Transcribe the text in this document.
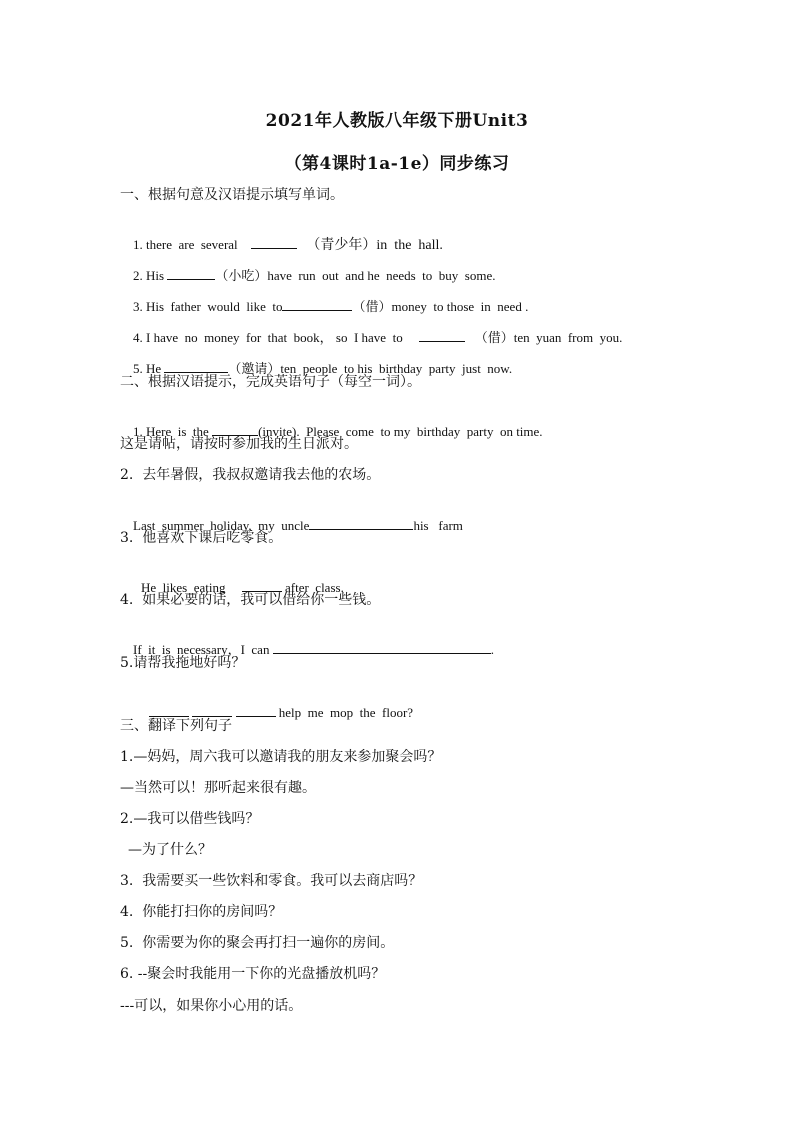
2021年人教版八年级下册Unit3
（第4课时1a-1e）同步练习
一、根据句意及汉语提示填写单词。

1. there  are  several	（青少年）in  the  hall.

2. His	（小吃）have  run  out  and he  needs  to  buy  some.

3. His  father  would  like  to	（借）money  to those  in  need .

4. I have  no  money  for  that  book， so  I have  to	（借）ten  yuan  from  you.

5. He	（邀请）ten  people  to his  birthday  party  just  now.

二、根据汉语提示，完成英语句子（每空一词）。

1. Here  is  the	(invite).  Please  come  to my  birthday  party  on time.

这是请帖，请按时参加我的生日派对。
2.  去年暑假，我叔叔邀请我去他的农场。

Last  summer  holiday,  my  uncle	his   farm

3.  他喜欢下课后吃零食。

He  likes  eating	after  class.

4.  如果必要的话，我可以借给你一些钱。

If  it  is  necessary，I  can	.

5.请帮我拖地好吗？

help  me  mop  the  floor?

三、翻译下列句子
1.—妈妈，周六我可以邀请我的朋友来参加聚会吗？
—当然可以！那听起来很有趣。
2.—我可以借些钱吗？
—为了什么？
3.  我需要买一些饮料和零食。我可以去商店吗？
4.  你能打扫你的房间吗？
5.  你需要为你的聚会再打扫一遍你的房间。
6. --聚会时我能用一下你的光盘播放机吗？
---可以，如果你小心用的话。
